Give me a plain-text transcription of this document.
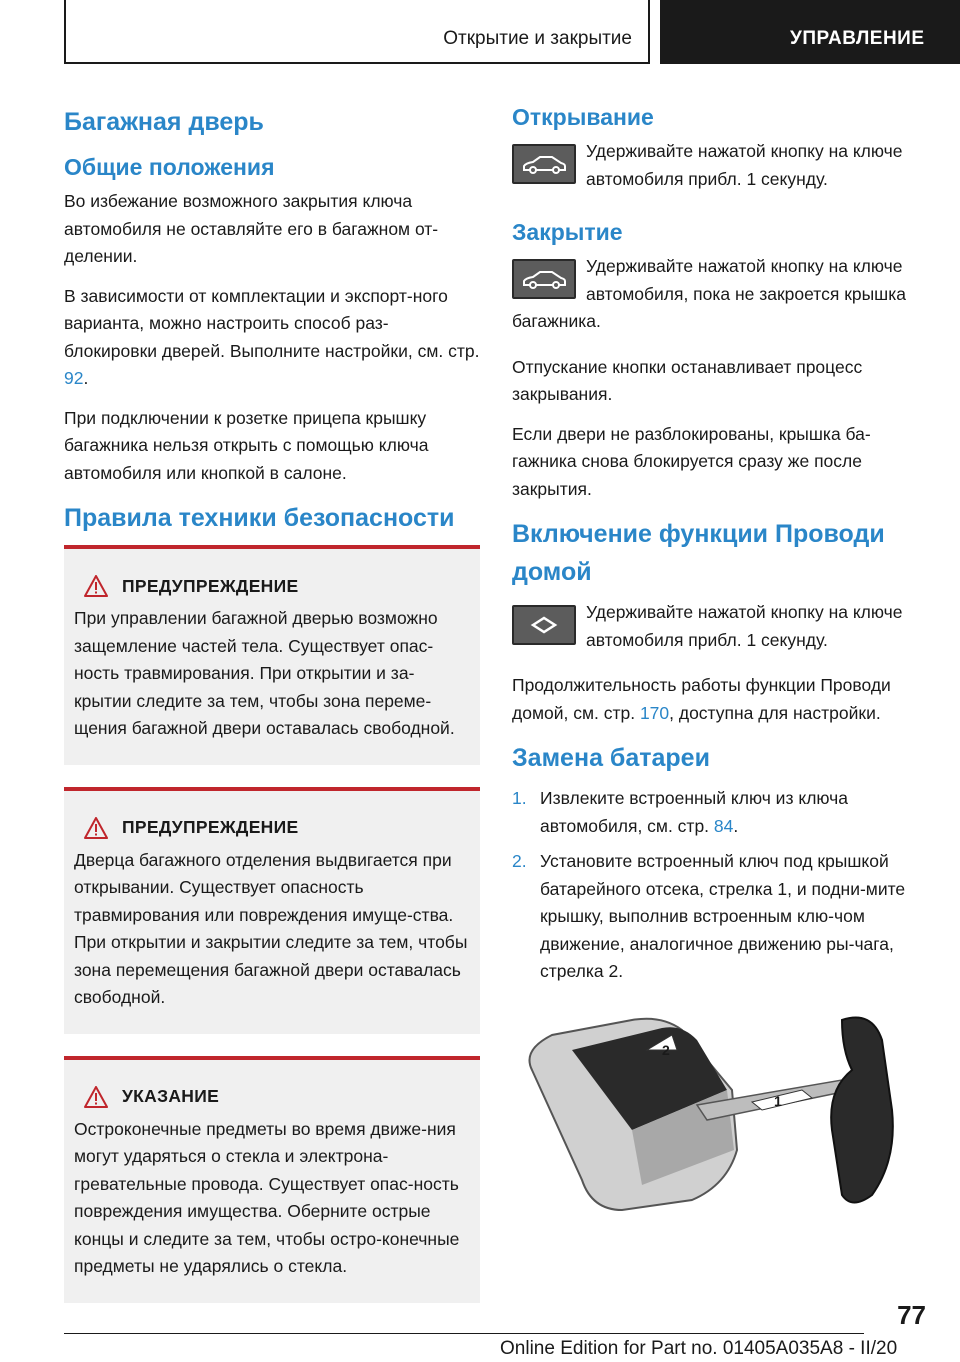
Открытие и закрытие	УПРАВЛЕНИЕ
Багажная дверь
Общие положения

Во избежание возможного закрытия ключа автомобиля не оставляйте его в багажном от-делении.

В зависимости от комплектации и экспорт-ного варианта, можно настроить способ раз-блокировки дверей. Выполните настройки, см. стр. 92.

При подключении к розетке прицепа крышку багажника нельзя открыть с помощью ключа автомобиля или кнопкой в салоне.

Правила техники безопасности
ПРЕДУПРЕЖДЕНИЕ

При управлении багажной дверью возможно защемление частей тела. Существует опас-ность травмирования. При открытии и за-крытии следите за тем, чтобы зона переме-щения багажной двери оставалась свободной.

ПРЕДУПРЕЖДЕНИЕ

Дверца багажного отделения выдвигается при открывании. Существует опасность травмирования или повреждения имуще-ства. При открытии и закрытии следите за тем, чтобы зона перемещения багажной двери оставалась свободной.

УКАЗАНИЕ

Остроконечные предметы во время движе-ния могут ударяться о стекла и электрона-гревательные провода. Существует опас-ность повреждения имущества. Оберните острые концы и следите за тем, чтобы остро-конечные предметы не ударялись о стекла.

Открывание

Удерживайте нажатой кнопку на ключе автомобиля прибл. 1 секунду.

Закрытие

Удерживайте нажатой кнопку на ключе автомобиля, пока не закроется крышка багажника.

Отпускание кнопки останавливает процесс закрывания.

Если двери не разблокированы, крышка ба-гажника снова блокируется сразу же после закрытия.

Включение функции Проводи домой

Удерживайте нажатой кнопку на ключе автомобиля прибл. 1 секунду.

Продолжительность работы функции Проводи домой, см. стр. 170, доступна для настройки.

Замена батареи
1. Извлеките встроенный ключ из ключа автомобиля, см. стр. 84.
2. Установите встроенный ключ под крышкой батарейного отсека, стрелка 1, и подни-мите крышку, выполнив встроенным клю-чом движение, аналогичное движению ры-чага, стрелка 2.
2
1
77
Online Edition for Part no. 01405A035A8 - II/20
